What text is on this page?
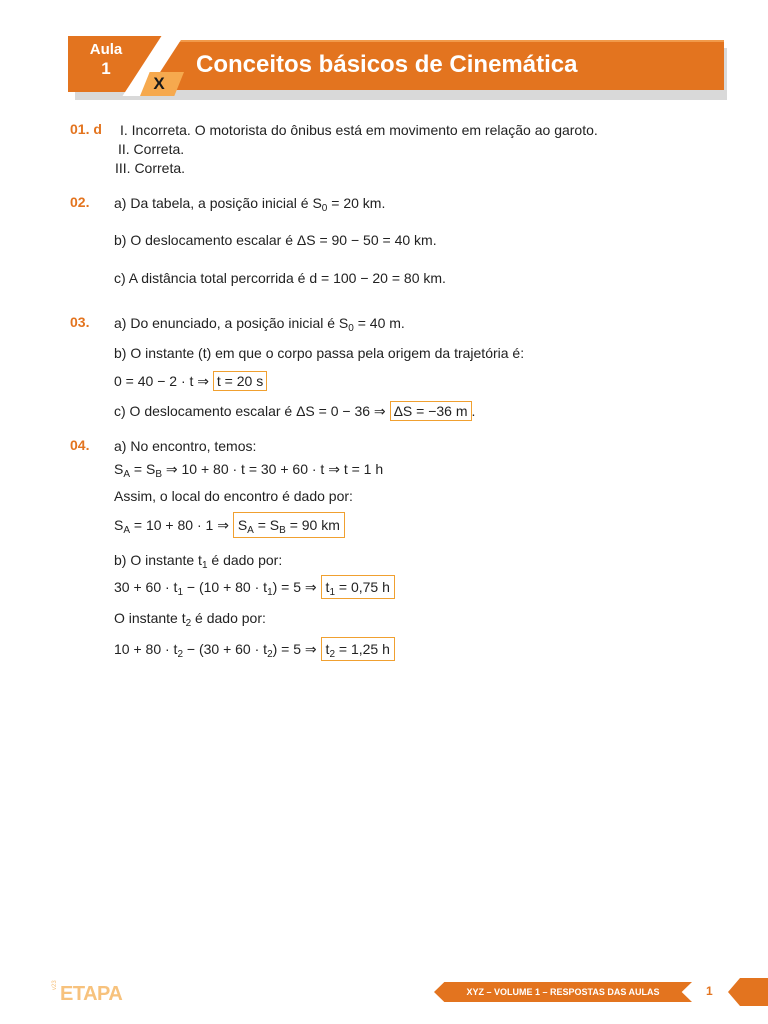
Aula
1
X
Conceitos básicos de Cinemática
01. d I. Incorreta. O motorista do ônibus está em movimento em relação ao garoto.
II. Correta.
III. Correta.
02. a) Da tabela, a posição inicial é $S_0 = 20$ km.
b) O deslocamento escalar é ΔS = 90 − 50 = 40 km.
c) A distância total percorrida é d = 100 − 20 = 80 km.
03. a) Do enunciado, a posição inicial é $S_0 = 40$ m.
b) O instante (t) em que o corpo passa pela origem da trajetória é:
0 = 40 − 2 · t ⇒ t = 20 s
c) O deslocamento escalar é ΔS = 0 − 36 ⇒ ΔS = −36 m .
04. a) No encontro, temos:
$S_A = S_B$ ⇒ 10 + 80 · t = 30 + 60 · t ⇒ t = 1 h
Assim, o local do encontro é dado por:
$S_A = 10 + 80 \cdot 1$ ⇒ $S_A = S_B = 90$ km
b) O instante $t_1$ é dado por:
$30 + 60 \cdot t_1 - (10 + 80 \cdot t_1) = 5$ ⇒ $t_1 = 0,75$ h
O instante $t_2$ é dado por:
$10 + 80 \cdot t_2 - (30 + 60 \cdot t_2) = 5$ ⇒ $t_2 = 1,25$ h
v23 ETAPA	XYZ – VOLUME 1 – RESPOSTAS DAS AULAS	1
